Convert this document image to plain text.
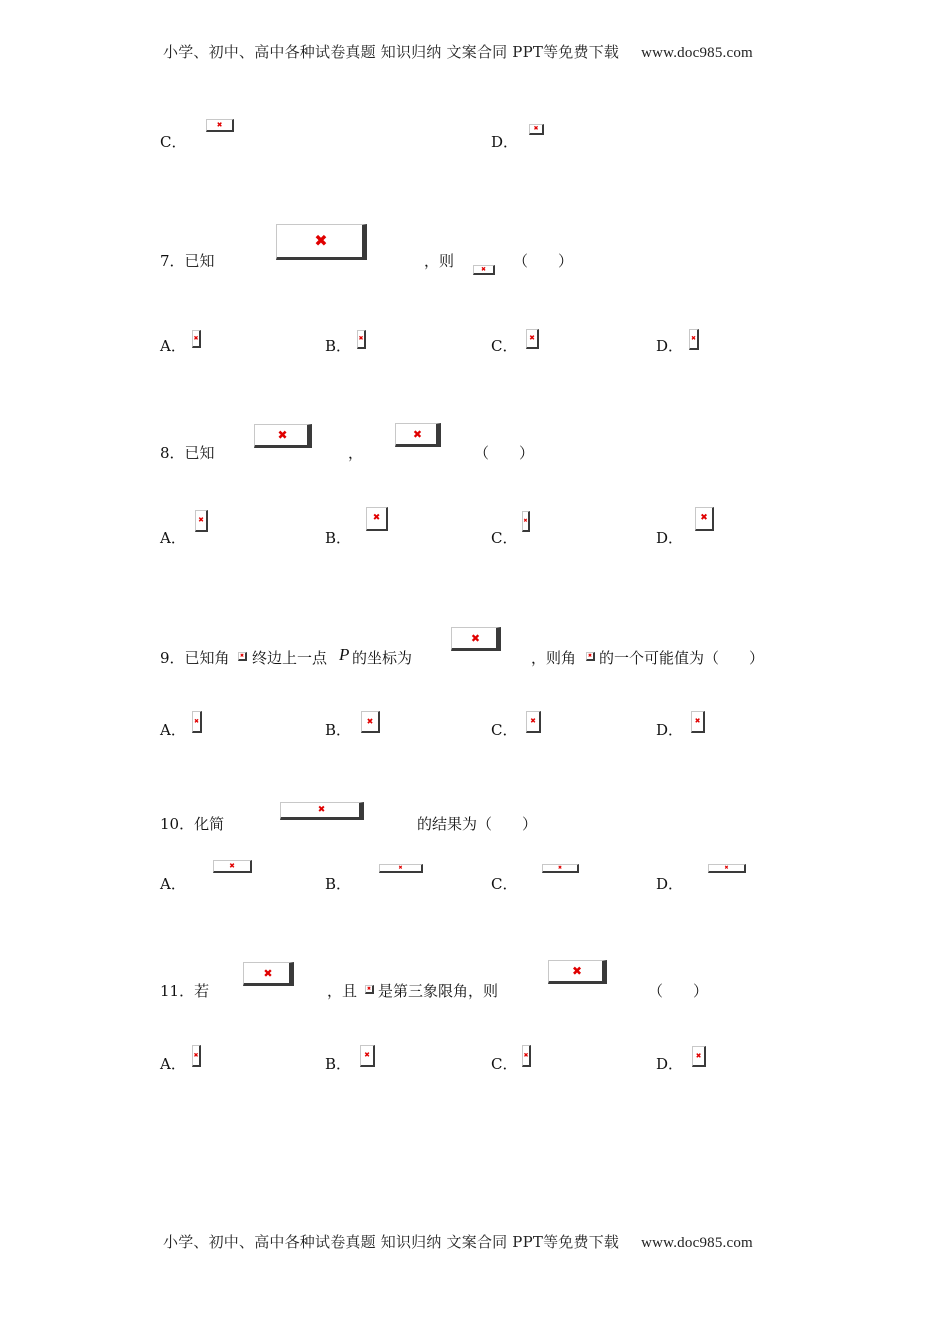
小学、初中、高中各种试卷真题 知识归纳 文案合同 PPT等免费下载 www.doc985.com
C．
✖
D．
✖
7．已知
✖
，则	✖ （　　）
A． ✖	B． ✖	C． ✖	D． ✖
8．已知
✖
，
✖
（　　）
A．
✖
B．
✖
C．
✖
D．
✖
9．已知角 ✖ 终边上一点 P 的坐标为
✖
，则角 ✖ 的一个可能值为（　　）
A． ✖	B． ✖	C． ✖	D． ✖
10．化简
✖
的结果为（　　）
A．
✖
B．
✖
C．
✖
D．
✖
11．若
✖
，且 ✖ 是第三象限角，则
✖
（　　）
A． ✖	B． ✖	C． ✖	D． ✖
小学、初中、高中各种试卷真题 知识归纳 文案合同 PPT等免费下载 www.doc985.com
